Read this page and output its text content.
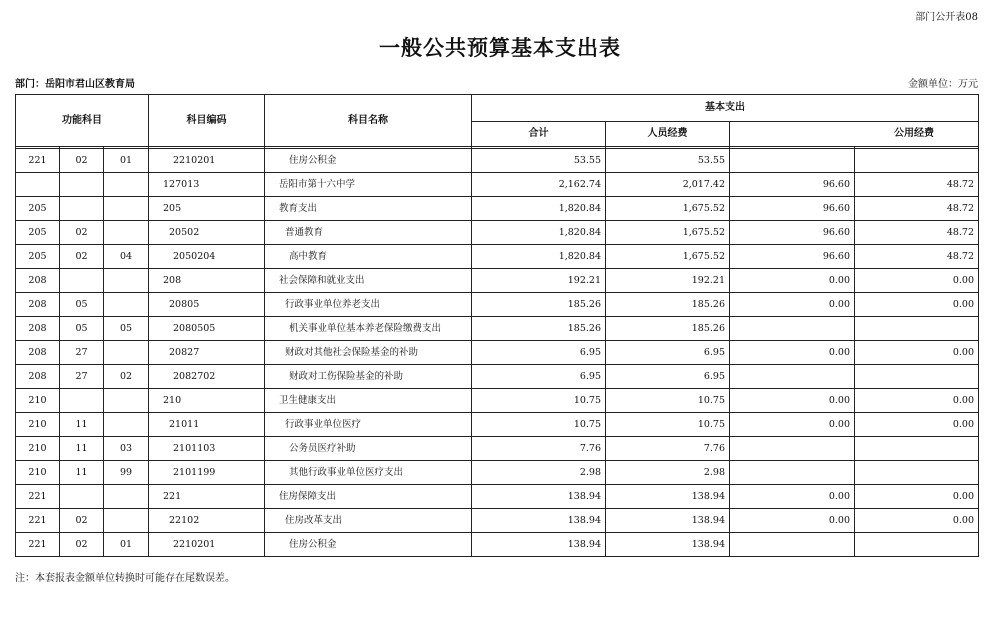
部门公开表08
一般公共预算基本支出表
部门：岳阳市君山区教育局	金额单位：万元
功能科目			科目编码	科目名称	基本支出			
					合计	人员经费	公用经费	

221	02	01	2210201	住房公积金	53.55	53.55		
			127013	岳阳市第十六中学	2,162.74	2,017.42	96.60	48.72
205			205	教育支出	1,820.84	1,675.52	96.60	48.72
205	02		20502	普通教育	1,820.84	1,675.52	96.60	48.72
205	02	04	2050204	高中教育	1,820.84	1,675.52	96.60	48.72
208			208	社会保障和就业支出	192.21	192.21	0.00	0.00
208	05		20805	行政事业单位养老支出	185.26	185.26	0.00	0.00
208	05	05	2080505	机关事业单位基本养老保险缴费支出	185.26	185.26		
208	27		20827	财政对其他社会保险基金的补助	6.95	6.95	0.00	0.00
208	27	02	2082702	财政对工伤保险基金的补助	6.95	6.95		
210			210	卫生健康支出	10.75	10.75	0.00	0.00
210	11		21011	行政事业单位医疗	10.75	10.75	0.00	0.00
210	11	03	2101103	公务员医疗补助	7.76	7.76		
210	11	99	2101199	其他行政事业单位医疗支出	2.98	2.98		
221			221	住房保障支出	138.94	138.94	0.00	0.00
221	02		22102	住房改革支出	138.94	138.94	0.00	0.00
221	02	01	2210201	住房公积金	138.94	138.94		
注：本套报表金额单位转换时可能存在尾数误差。
